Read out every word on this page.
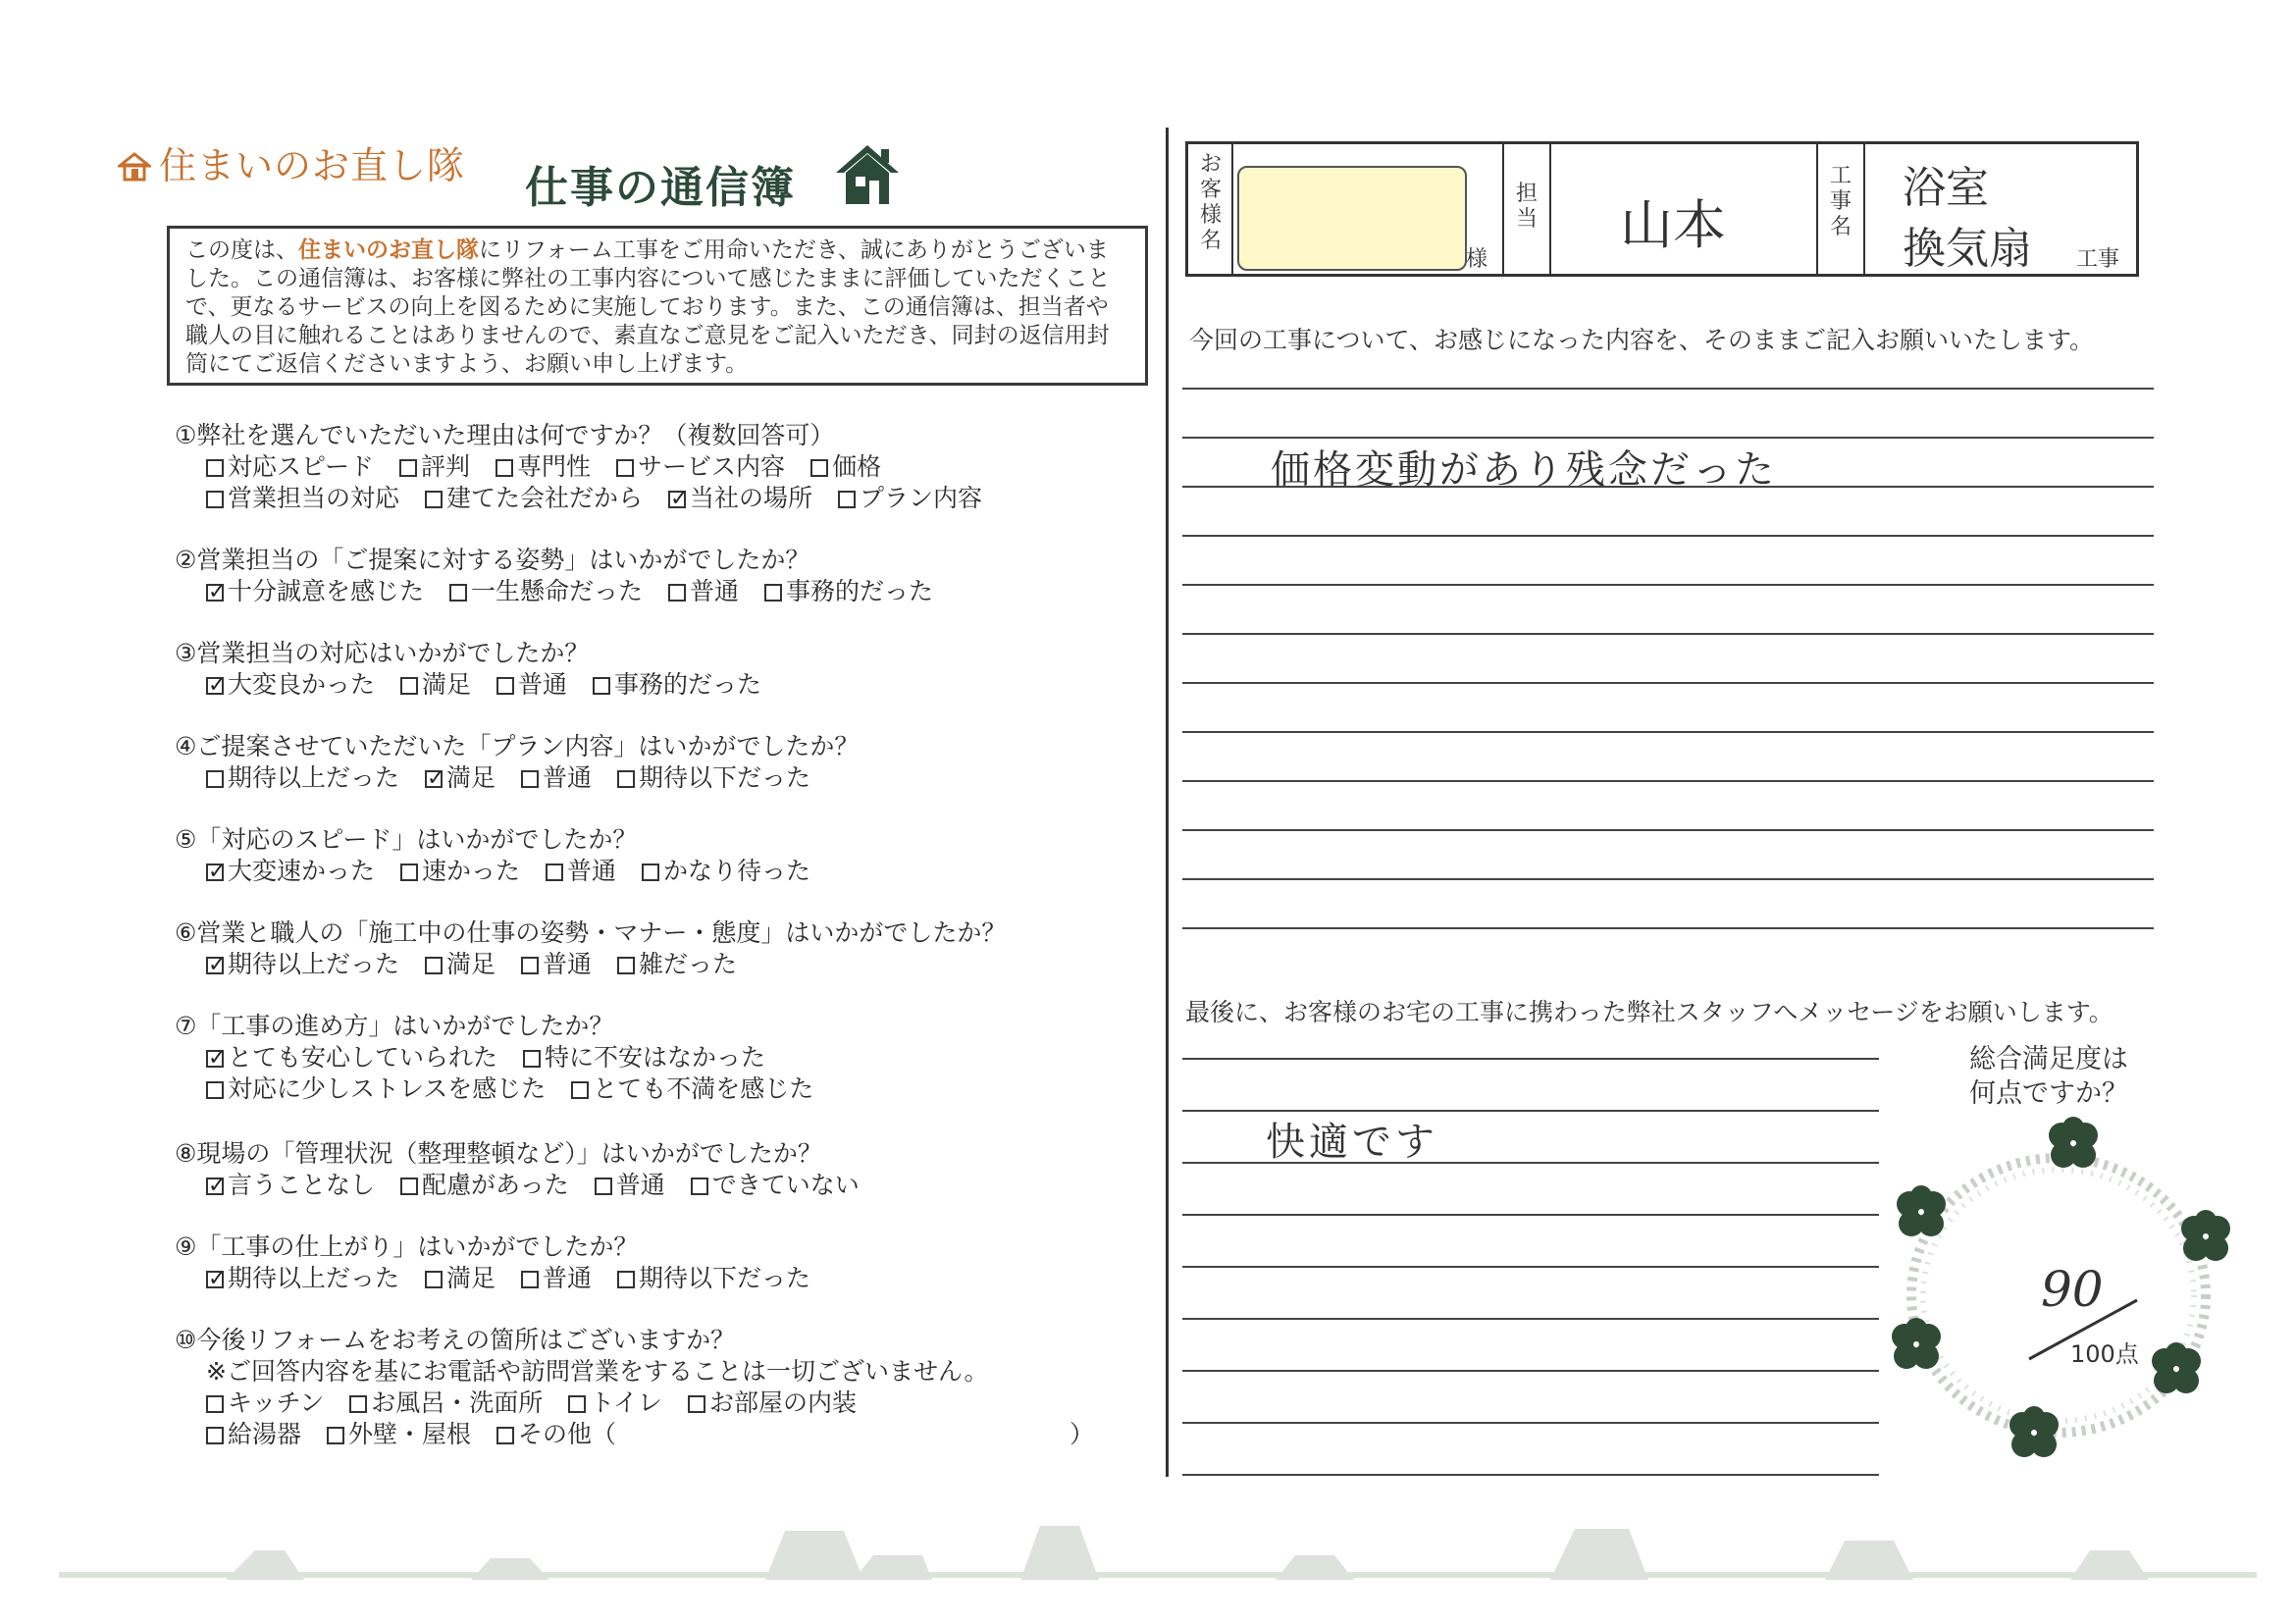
住まいのお直し隊 仕事の通信簿
この度は、住まいのお直し隊にリフォーム工事をご用命いただき、誠にありがとうございました。この通信簿は、お客様に弊社の工事内容について感じたままに評価していただくことで、更なるサービスの向上を図るために実施しております。また、この通信簿は、担当者や職人の目に触れることはありませんので、素直なご意見をご記入いただき、同封の返信用封筒にてご返信くださいますよう、お願い申し上げます。
①弊社を選んでいただいた理由は何ですか？（複数回答可）
対応スピード 評判 専門性 サービス内容 価格
営業担当の対応 建てた会社だから ✓ 当社の場所 プラン内容
②営業担当の「ご提案に対する姿勢」はいかがでしたか？
✓十分誠意を感じた 一生懸命だった 普通 事務的だった
③営業担当の対応はいかがでしたか？
✓大変良かった 満足 普通 事務的だった
④ご提案させていただいた「プラン内容」はいかがでしたか？
期待以上だった ✓ 満足 普通 期待以下だった
⑤「対応のスピード」はいかがでしたか？
✓大変速かった 速かった 普通 かなり待った
⑥営業と職人の「施工中の仕事の姿勢・マナー・態度」はいかがでしたか？
✓期待以上だった 満足 普通 雑だった
⑦「工事の進め方」はいかがでしたか？
✓とても安心していられた 特に不安はなかった
対応に少しストレスを感じた とても不満を感じた
⑧現場の「管理状況（整理整頓など）」はいかがでしたか？
✓言うことなし 配慮があった 普通 できていない
⑨「工事の仕上がり」はいかがでしたか？
✓期待以上だった 満足 普通 期待以下だった
⑩今後リフォームをお考えの箇所はございますか？
※ご回答内容を基にお電話や訪問営業をすることは一切ございません。
キッチン お風呂・洗面所 トイレ お部屋の内装
給湯器 外壁・屋根 その他（	）
お客様名
様
担当 山本
工事名
浴室
換気扇 工事
今回の工事について、お感じになった内容を、そのままご記入お願いいたします。
価格変動があり残念だった
最後に、お客様のお宅の工事に携わった弊社スタッフへメッセージをお願いします。
快適です
総合満足度は
何点ですか？
90
100点
